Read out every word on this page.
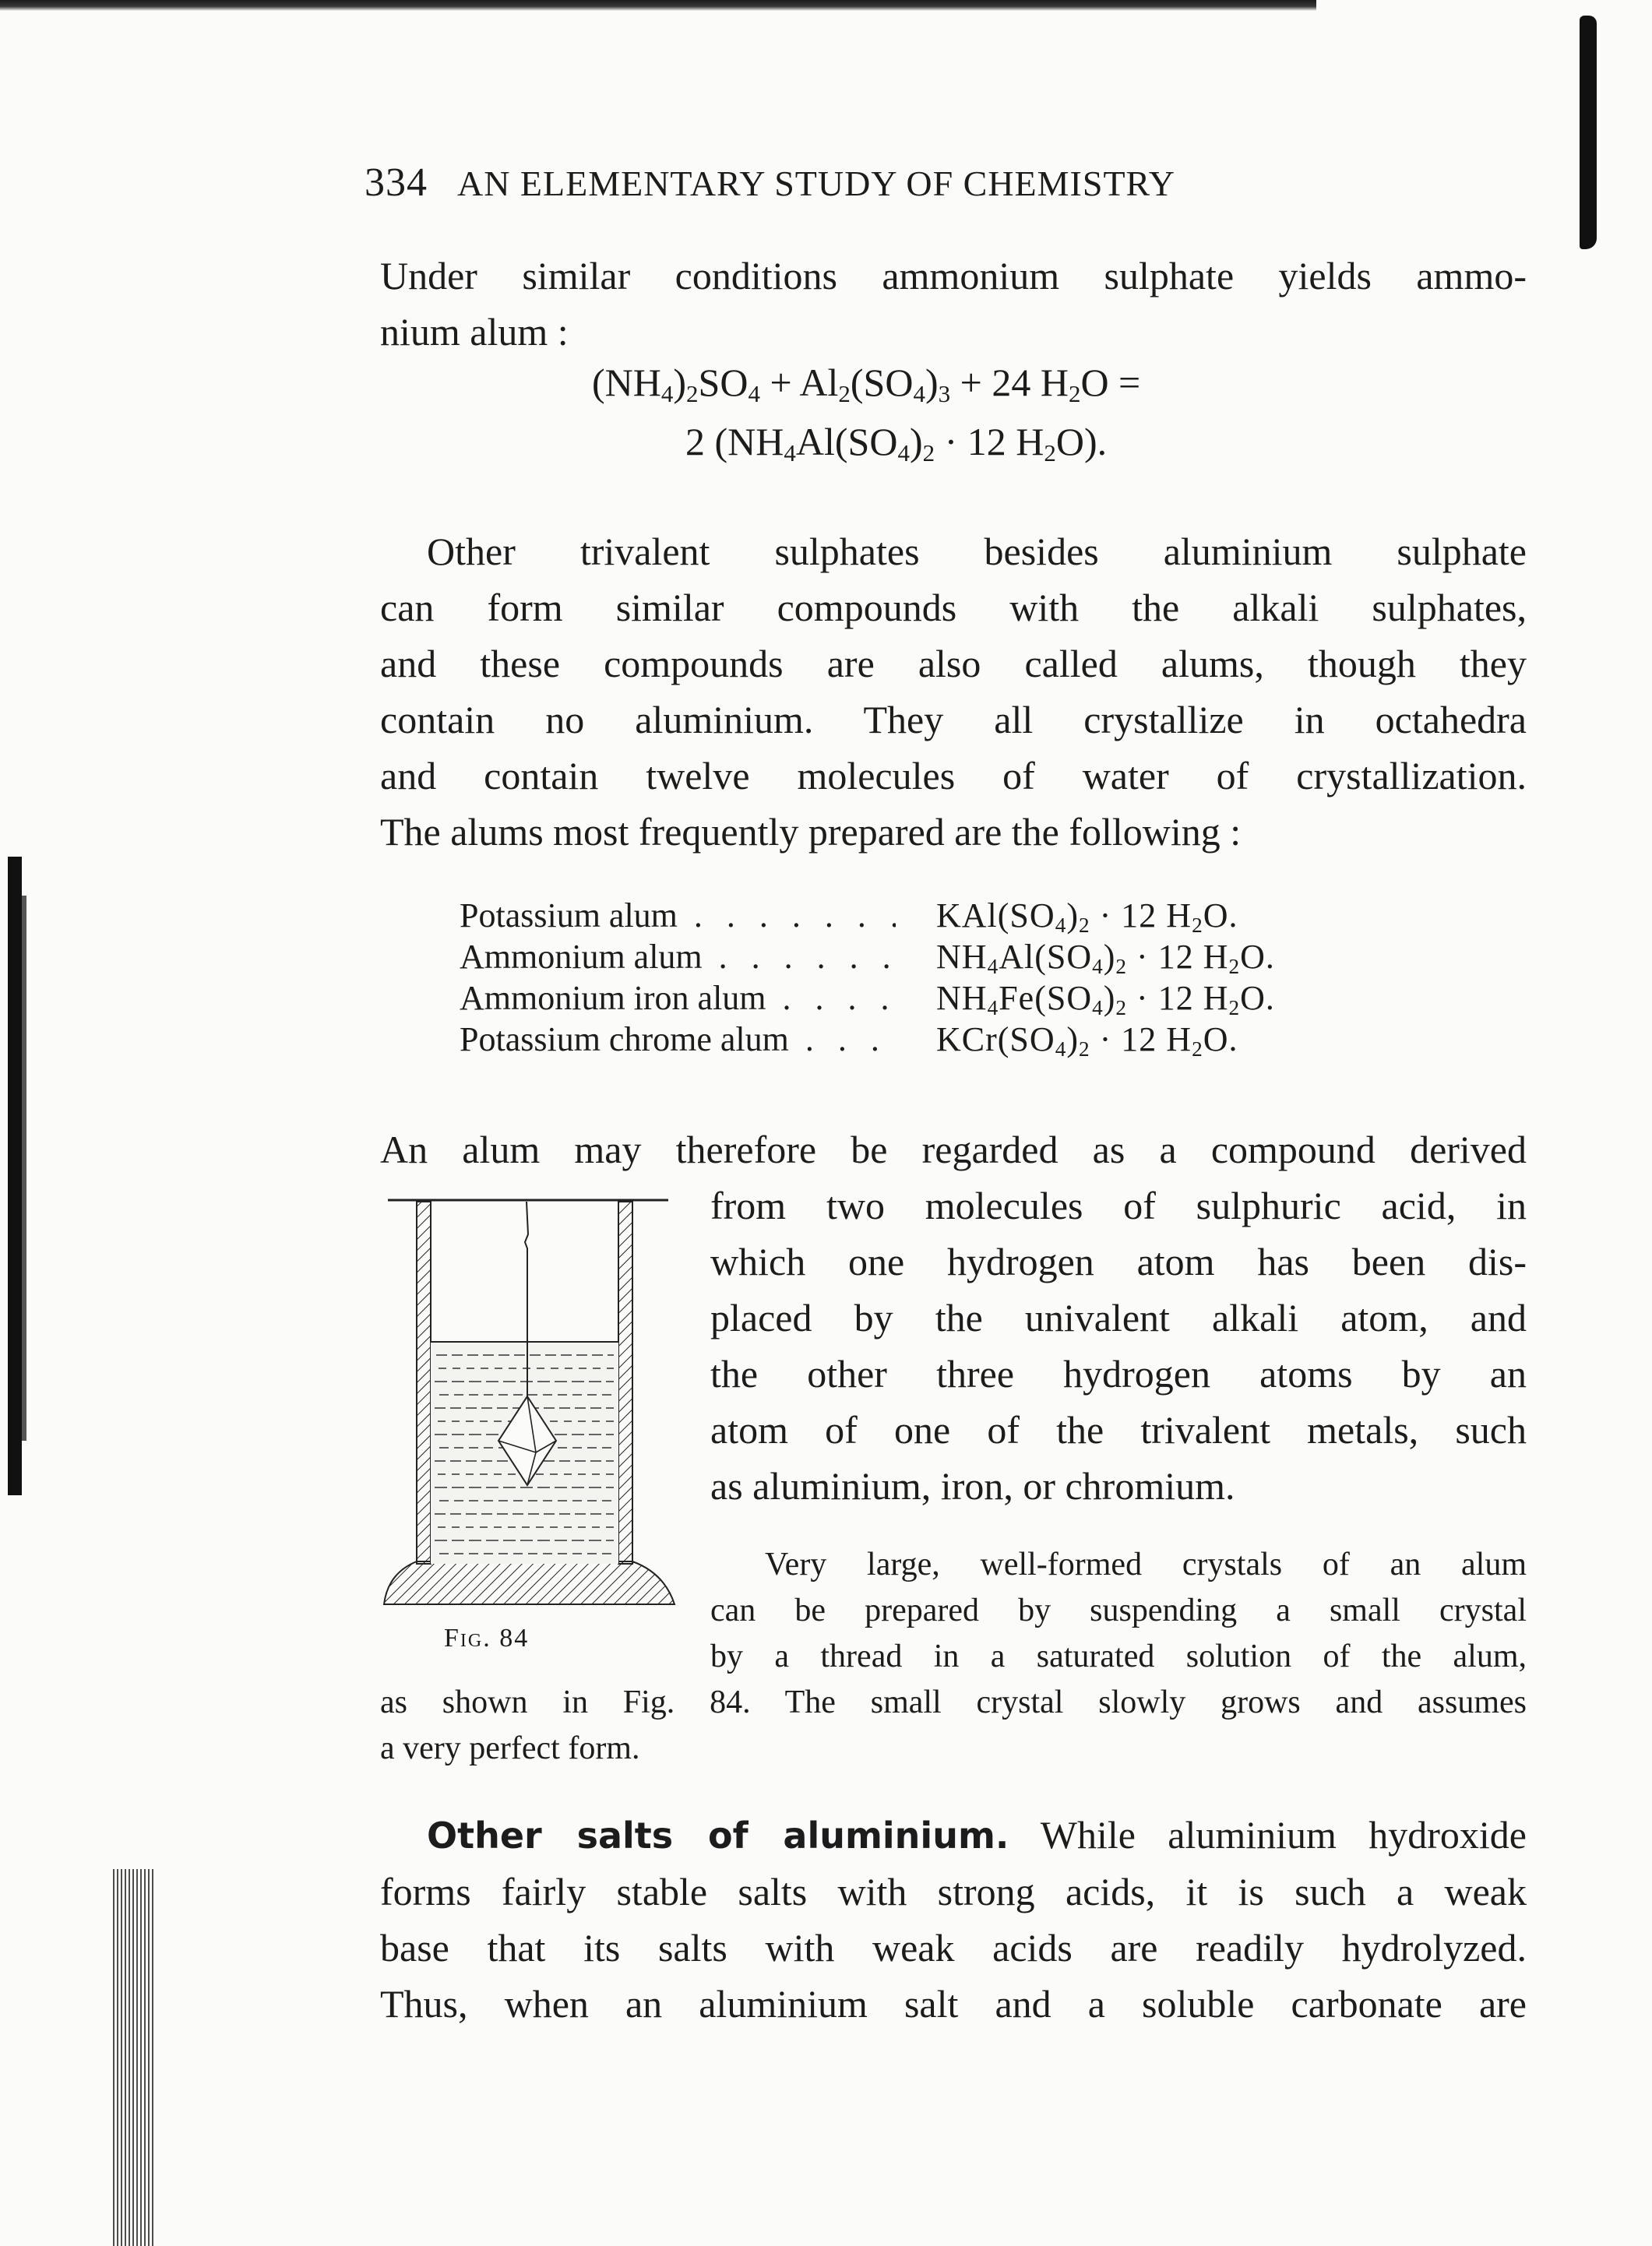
334 AN ELEMENTARY STUDY OF CHEMISTRY
Under similar conditions ammonium sulphate yields ammo-
nium alum :
$(NH_4)_2SO_4 + Al_2(SO_4)_3 + 24$ $H_2O$ =
2 ($NH_4Al(SO_4)_2 \cdot 12$ $H_2O$).
Other trivalent sulphates besides aluminium sulphate
can form similar compounds with the alkali sulphates,
and these compounds are also called alums, though they
contain no aluminium. They all crystallize in octahedra
and contain twelve molecules of water of crystallization.
The alums most frequently prepared are the following :
Potassium alum . . .	$KAl(SO_4)_2 \cdot 12$ $H_2O$.
Ammonium alum . . .	$NH_4Al(SO_4)_2 \cdot 12$ $H_2O$.
Ammonium iron alum . . .	$NH_4Fe(SO_4)_2 \cdot 12$ $H_2O$.
Potassium chrome alum . . .	$KCr(SO_4)_2 \cdot 12$ $H_2O$.
An alum may therefore be regarded as a compound derived
from two molecules of sulphuric acid, in
which one hydrogen atom has been dis-
placed by the univalent alkali atom, and
the other three hydrogen atoms by an
atom of one of the trivalent metals, such
as aluminium, iron, or chromium.
Fig. 84
Very large, well-formed crystals of an alum
can be prepared by suspending a small crystal
by a thread in a saturated solution of the alum,
as shown in Fig. 84. The small crystal slowly grows and assumes
a very perfect form.
Other salts of aluminium. While aluminium hydroxide
forms fairly stable salts with strong acids, it is such a weak
base that its salts with weak acids are readily hydrolyzed.
Thus, when an aluminium salt and a soluble carbonate are
